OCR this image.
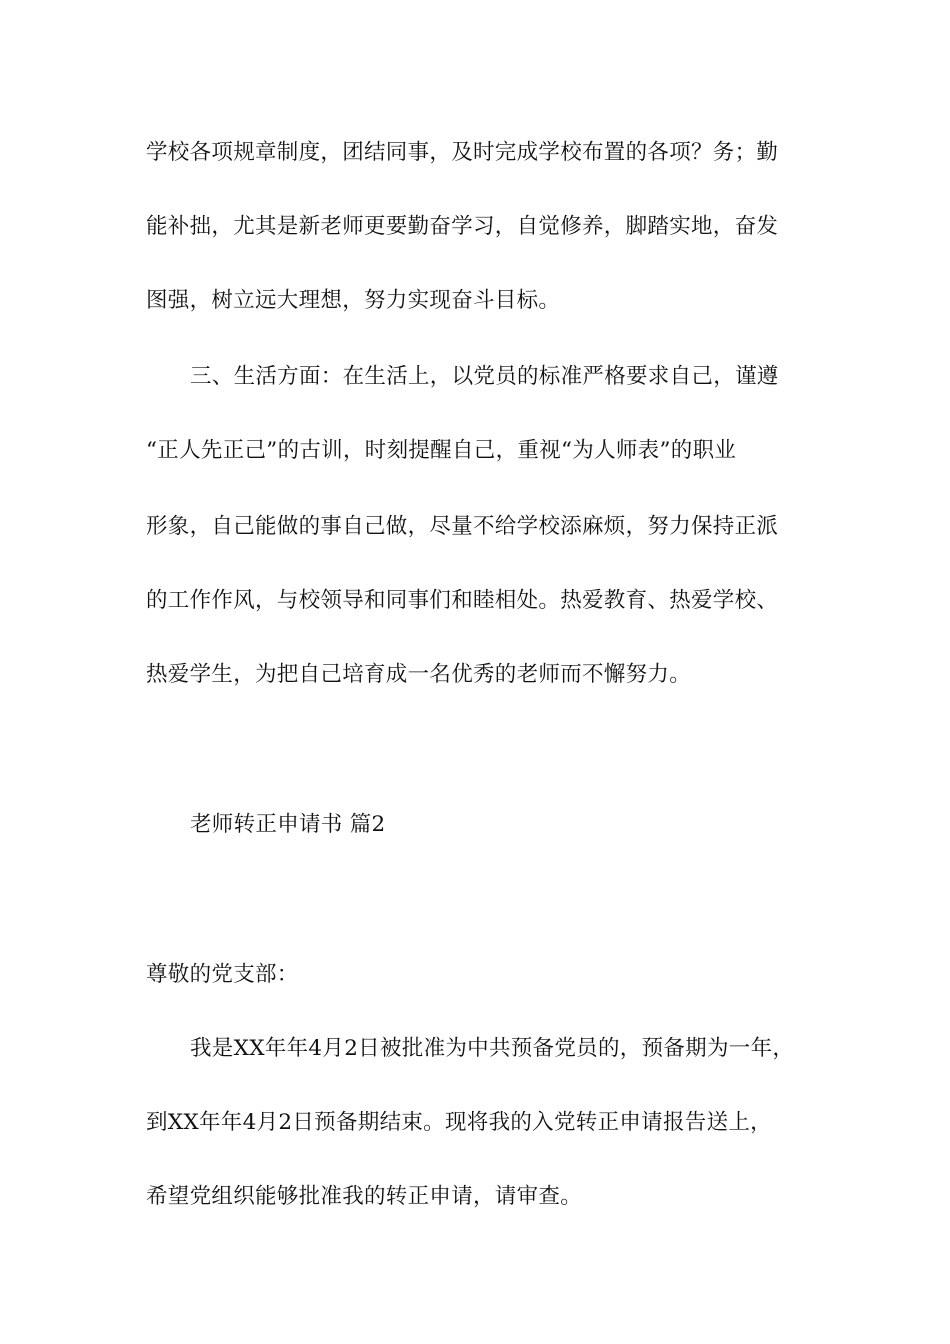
学校各项规章制度，团结同事，及时完成学校布置的各项？务；勤
能补拙，尤其是新老师更要勤奋学习，自觉修养，脚踏实地，奋发
图强，树立远大理想，努力实现奋斗目标。
三、生活方面：在生活上，以党员的标准严格要求自己，谨遵
“正人先正己”的古训，时刻提醒自己，重视“为人师表”的职业
形象，自己能做的事自己做，尽量不给学校添麻烦，努力保持正派
的工作作风，与校领导和同事们和睦相处。热爱教育、热爱学校、
热爱学生，为把自己培育成一名优秀的老师而不懈努力。
老师转正申请书 篇2
尊敬的党支部：
我是XX年年4月2日被批准为中共预备党员的，预备期为一年，
到XX年年4月2日预备期结束。现将我的入党转正申请报告送上，
希望党组织能够批准我的转正申请，请审查。
